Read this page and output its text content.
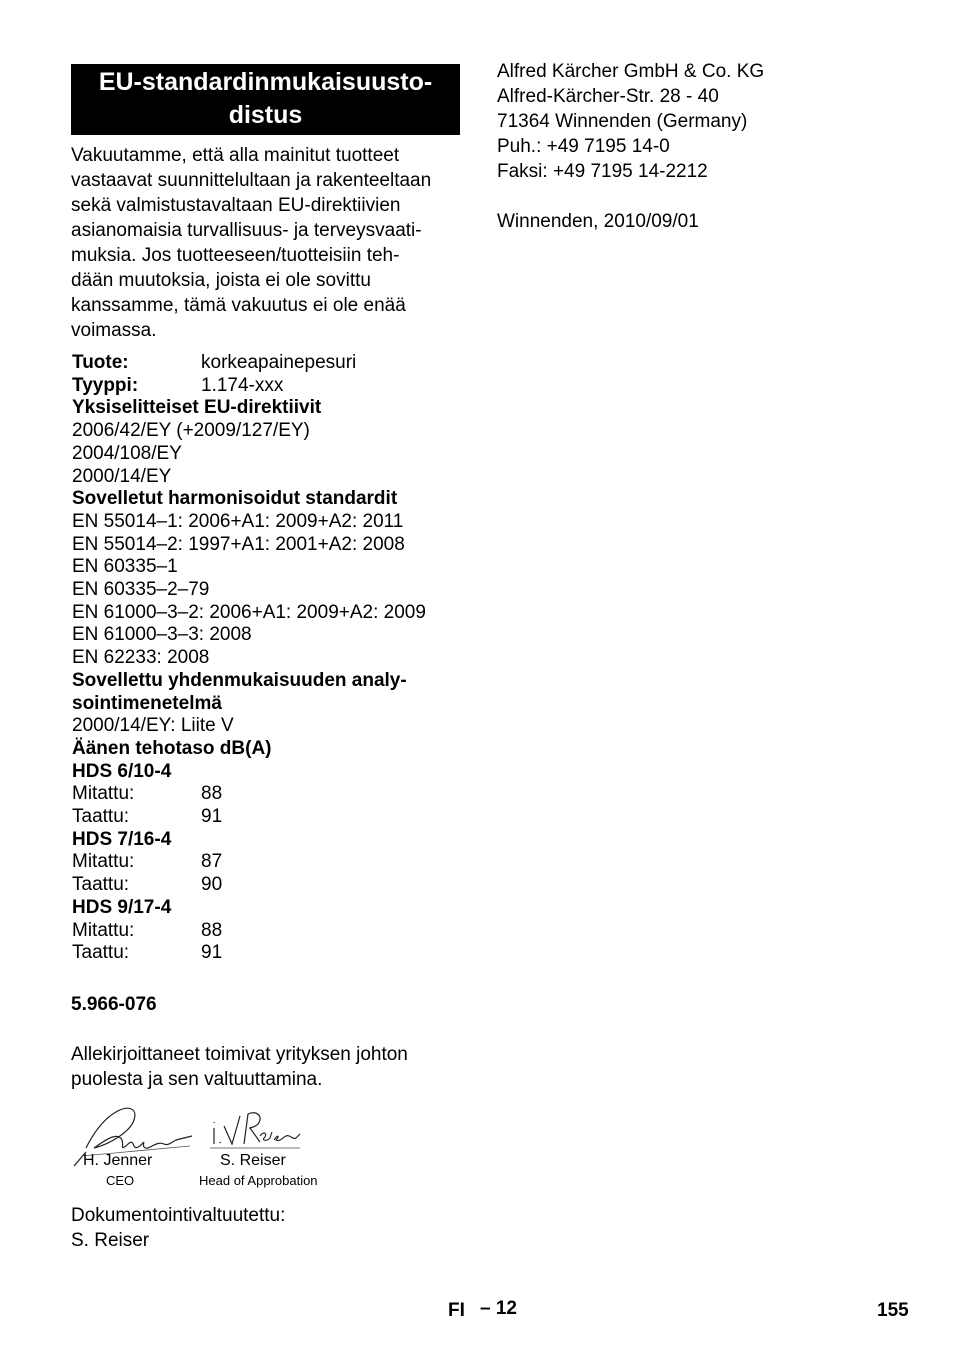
EU-standardinmukaisuusto-
distus
Vakuutamme, että alla mainitut tuotteet
vastaavat suunnittelultaan ja rakenteeltaan
sekä valmistustavaltaan EU-direktiivien
asianomaisia turvallisuus- ja terveysvaati-
muksia. Jos tuotteeseen/tuotteisiin teh-
dään muutoksia, joista ei ole sovittu
kanssamme, tämä vakuutus ei ole enää
voimassa.
Tuote:	korkeapainepesuri
Tyyppi:	1.174-xxx
Yksiselitteiset EU-direktiivit
2006/42/EY (+2009/127/EY)
2004/108/EY
2000/14/EY
Sovelletut harmonisoidut standardit
EN 55014–1: 2006+A1: 2009+A2: 2011
EN 55014–2: 1997+A1: 2001+A2: 2008
EN 60335–1
EN 60335–2–79
EN 61000–3–2: 2006+A1: 2009+A2: 2009
EN 61000–3–3: 2008
EN 62233: 2008
Sovellettu yhdenmukaisuuden analy-
sointimenetelmä
2000/14/EY: Liite V
Äänen tehotaso dB(A)
HDS 6/10-4
Mitattu:	88
Taattu:	91
HDS 7/16-4
Mitattu:	87
Taattu:	90
HDS 9/17-4
Mitattu:	88
Taattu:	91
5.966-076
Allekirjoittaneet toimivat yrityksen johton
puolesta ja sen valtuuttamina.
H. Jenner
CEO
S. Reiser
Head of Approbation
Dokumentointivaltuutettu:
S. Reiser
Alfred Kärcher GmbH & Co. KG
Alfred-Kärcher-Str. 28 - 40
71364 Winnenden (Germany)
Puh.: +49 7195 14-0
Faksi: +49 7195 14-2212
Winnenden, 2010/09/01
FI – 12	155
